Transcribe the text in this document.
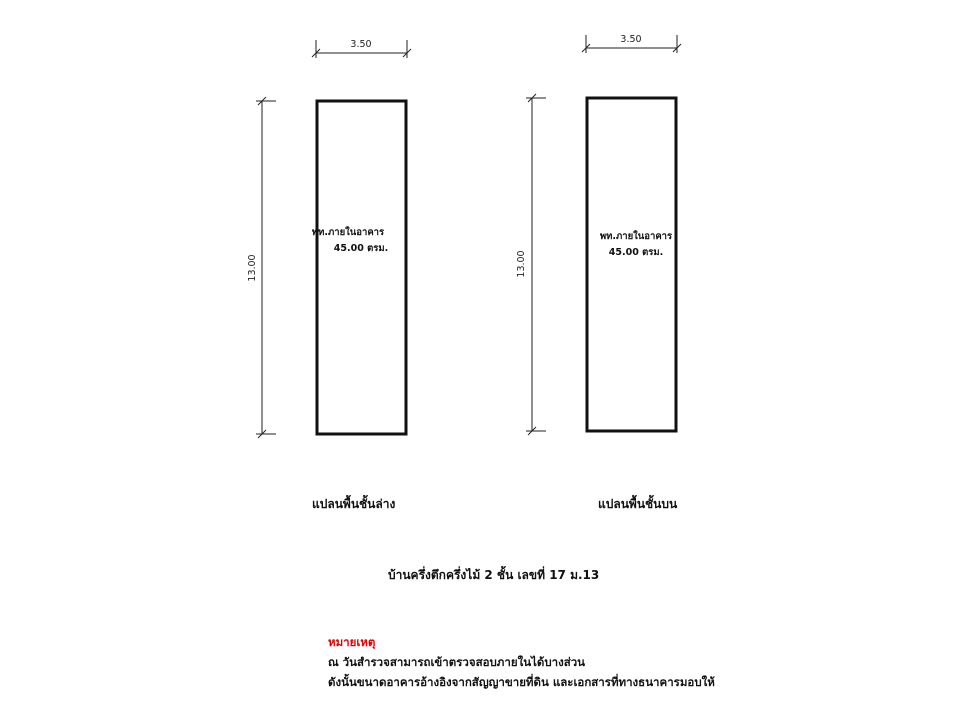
3.50
13.00
พท.ภายในอาคาร
45.00 ตรม.
3.50
13.00
พท.ภายในอาคาร
45.00 ตรม.
แปลนพื้นชั้นล่าง	แปลนพื้นชั้นบน
บ้านครึ่งตึกครึ่งไม้ 2 ชั้น เลขที่ 17 ม.13
หมายเหตุ
ณ วันสำรวจสามารถเข้าตรวจสอบภายในได้บางส่วน
ดังนั้นขนาดอาคารอ้างอิงจากสัญญาขายที่ดิน และเอกสารที่ทางธนาคารมอบให้
